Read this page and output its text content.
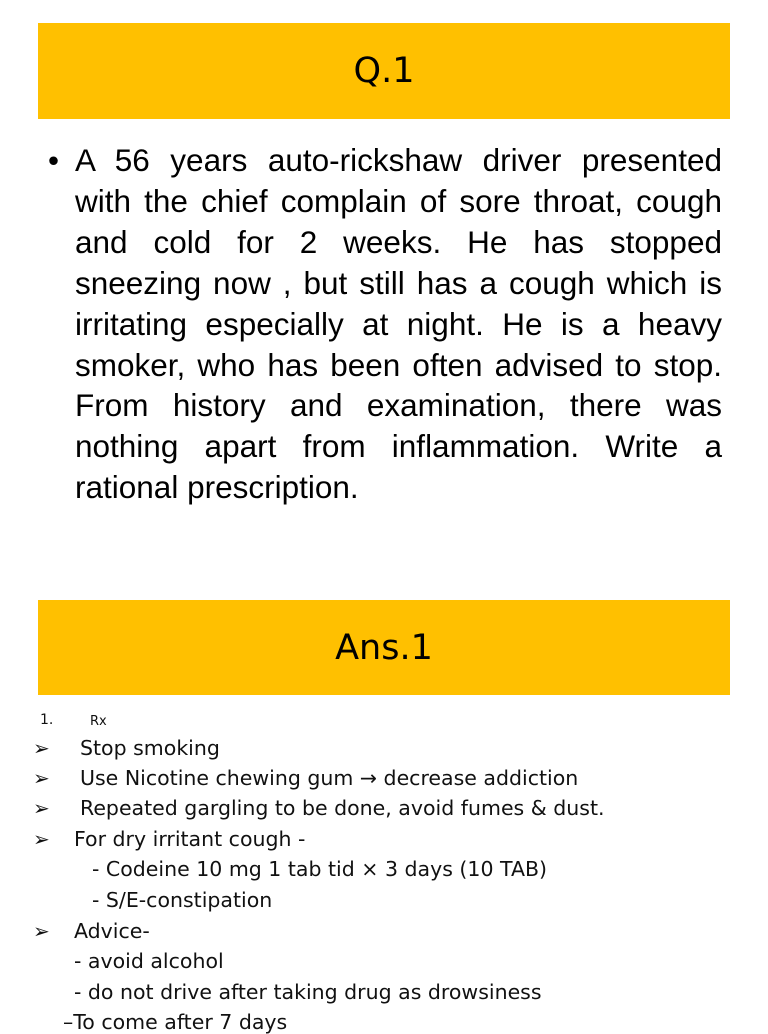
Q.1
• A 56 years auto-rickshaw driver presented with the chief complain of sore throat, cough and cold for 2 weeks. He has stopped sneezing now , but still has a cough which is irritating especially at night. He is a heavy smoker, who has been often advised to stop. From history and examination, there was nothing apart from inflammation. Write a rational prescription.
Ans.1
1.	Rx
➢ Stop smoking
➢ Use Nicotine chewing gum → decrease addiction
➢ Repeated gargling to be done, avoid fumes & dust.
➢ For dry irritant cough -
- Codeine 10 mg 1 tab tid × 3 days (10 TAB)
- S/E-constipation
➢ Advice-
- avoid alcohol
- do not drive after taking drug as drowsiness
–To come after 7 days
